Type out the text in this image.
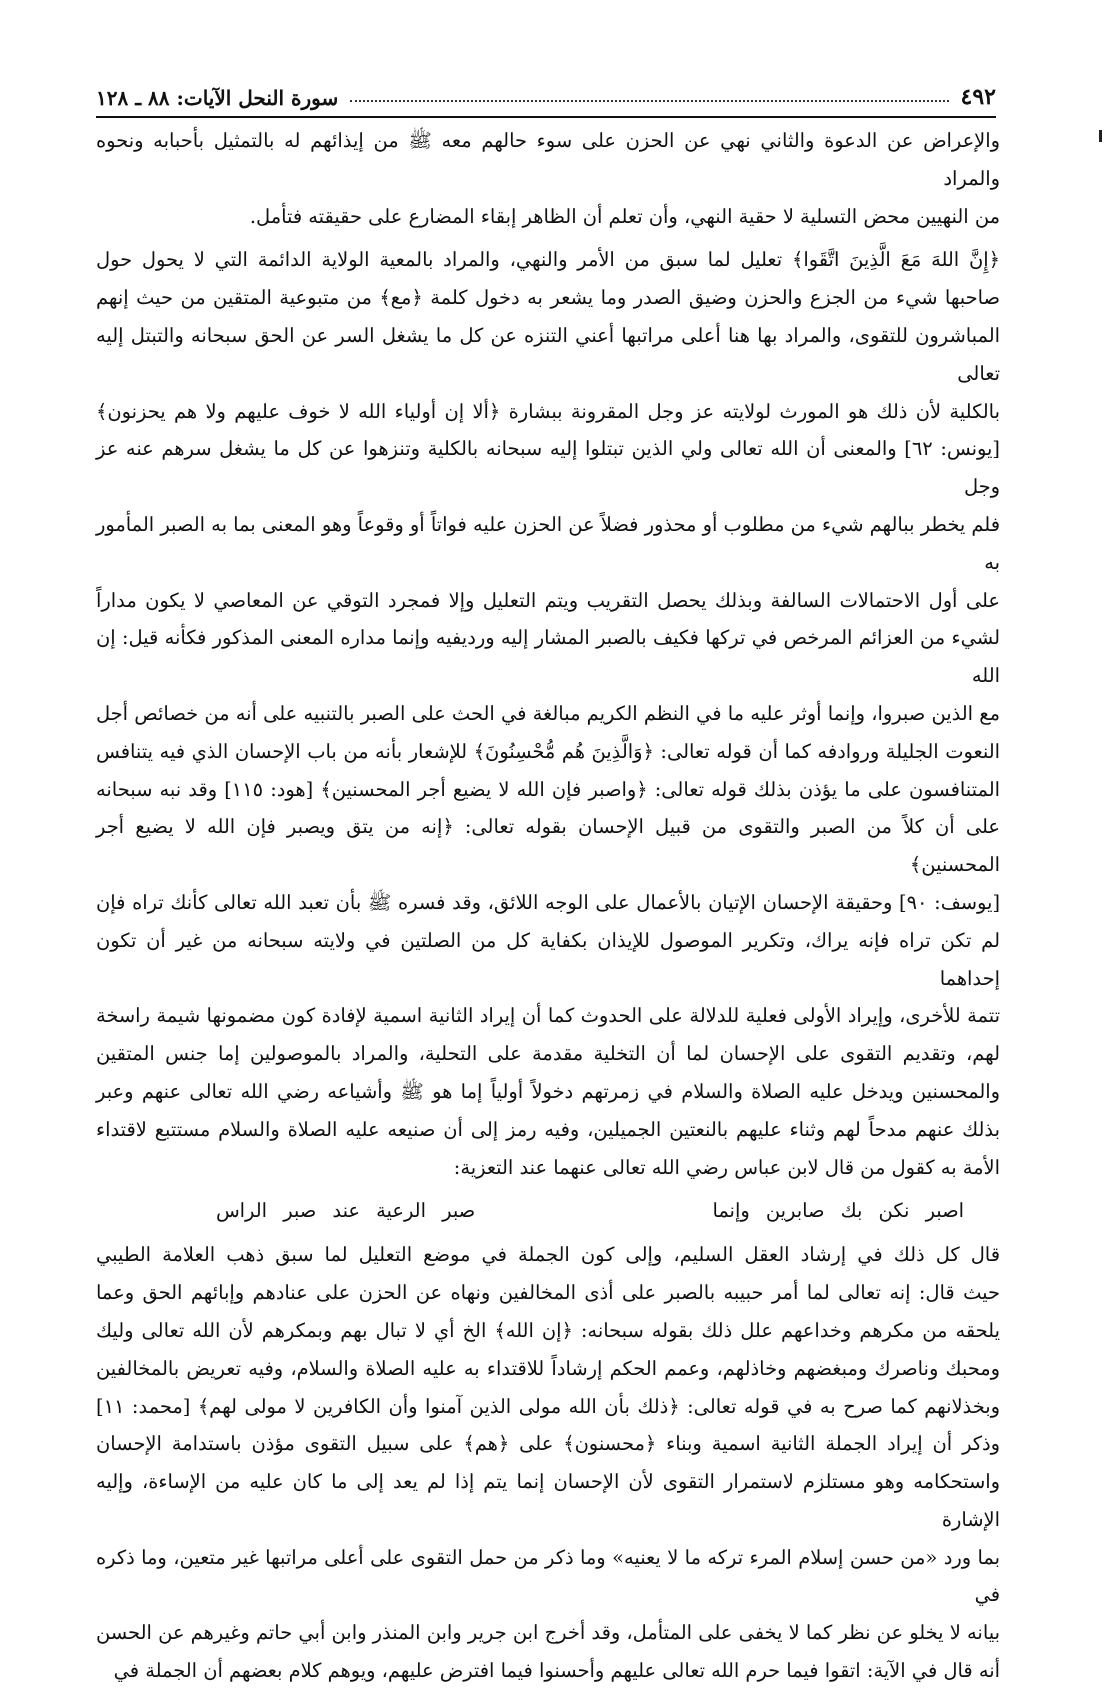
٤٩٢
سورة النحل الآيات: ٨٨ ـ ١٢٨

والإعراض عن الدعوة والثاني نهي عن الحزن على سوء حالهم معه ﷺ من إيذائهم له بالتمثيل بأحبابه ونحوه والمراد

من النهيين محض التسلية لا حقية النهي، وأن تعلم أن الظاهر إبقاء المضارع على حقيقته فتأمل.

﴿إِنَّ اللهَ مَعَ الَّذِينَ اتَّقَوا﴾ تعليل لما سبق من الأمر والنهي، والمراد بالمعية الولاية الدائمة التي لا يحول حول

صاحبها شيء من الجزع والحزن وضيق الصدر وما يشعر به دخول كلمة ﴿مع﴾ من متبوعية المتقين من حيث إنهم

المباشرون للتقوى، والمراد بها هنا أعلى مراتبها أعني التنزه عن كل ما يشغل السر عن الحق سبحانه والتبتل إليه تعالى

بالكلية لأن ذلك هو المورث لولايته عز وجل المقرونة ببشارة ﴿ألا إن أولياء الله لا خوف عليهم ولا هم يحزنون﴾

[يونس: ٦٢] والمعنى أن الله تعالى ولي الذين تبتلوا إليه سبحانه بالكلية وتنزهوا عن كل ما يشغل سرهم عنه عز وجل

فلم يخطر ببالهم شيء من مطلوب أو محذور فضلاً عن الحزن عليه فواتاً أو وقوعاً وهو المعنى بما به الصبر المأمور به

على أول الاحتمالات السالفة وبذلك يحصل التقريب ويتم التعليل وإلا فمجرد التوقي عن المعاصي لا يكون مداراً

لشيء من العزائم المرخص في تركها فكيف بالصبر المشار إليه ورديفيه وإنما مداره المعنى المذكور فكأنه قيل: إن الله

مع الذين صبروا، وإنما أوثر عليه ما في النظم الكريم مبالغة في الحث على الصبر بالتنبيه على أنه من خصائص أجل

النعوت الجليلة وروادفه كما أن قوله تعالى: ﴿وَالَّذِينَ هُم مُّحْسِنُونَ﴾ للإشعار بأنه من باب الإحسان الذي فيه يتنافس

المتنافسون على ما يؤذن بذلك قوله تعالى: ﴿واصبر فإن الله لا يضيع أجر المحسنين﴾ [هود: ١١٥] وقد نبه سبحانه

على أن كلاً من الصبر والتقوى من قبيل الإحسان بقوله تعالى: ﴿إنه من يتق ويصبر فإن الله لا يضيع أجر المحسنين﴾

[يوسف: ٩٠] وحقيقة الإحسان الإتيان بالأعمال على الوجه اللائق، وقد فسره ﷺ بأن تعبد الله تعالى كأنك تراه فإن

لم تكن تراه فإنه يراك، وتكرير الموصول للإيذان بكفاية كل من الصلتين في ولايته سبحانه من غير أن تكون إحداهما

تتمة للأخرى، وإيراد الأولى فعلية للدلالة على الحدوث كما أن إيراد الثانية اسمية لإفادة كون مضمونها شيمة راسخة

لهم، وتقديم التقوى على الإحسان لما أن التخلية مقدمة على التحلية، والمراد بالموصولين إما جنس المتقين

والمحسنين ويدخل عليه الصلاة والسلام في زمرتهم دخولاً أولياً إما هو ﷺ وأشياعه رضي الله تعالى عنهم وعبر

بذلك عنهم مدحاً لهم وثناء عليهم بالنعتين الجميلين، وفيه رمز إلى أن صنيعه عليه الصلاة والسلام مستتبع لاقتداء

الأمة به كقول من قال لابن عباس رضي الله تعالى عنهما عند التعزية:

اصبر نكن بك صابرين وإنما
صبر الرعية عند صبر الراس

قال كل ذلك في إرشاد العقل السليم، وإلى كون الجملة في موضع التعليل لما سبق ذهب العلامة الطيبي

حيث قال: إنه تعالى لما أمر حبيبه بالصبر على أذى المخالفين ونهاه عن الحزن على عنادهم وإبائهم الحق وعما

يلحقه من مكرهم وخداعهم علل ذلك بقوله سبحانه: ﴿إن الله﴾ الخ أي لا تبال بهم وبمكرهم لأن الله تعالى وليك

ومحبك وناصرك ومبغضهم وخاذلهم، وعمم الحكم إرشاداً للاقتداء به عليه الصلاة والسلام، وفيه تعريض بالمخالفين

وبخذلانهم كما صرح به في قوله تعالى: ﴿ذلك بأن الله مولى الذين آمنوا وأن الكافرين لا مولى لهم﴾ [محمد: ١١]

وذكر أن إيراد الجملة الثانية اسمية وبناء ﴿محسنون﴾ على ﴿هم﴾ على سبيل التقوى مؤذن باستدامة الإحسان

واستحكامه وهو مستلزم لاستمرار التقوى لأن الإحسان إنما يتم إذا لم يعد إلى ما كان عليه من الإساءة، وإليه الإشارة

بما ورد «من حسن إسلام المرء تركه ما لا يعنيه» وما ذكر من حمل التقوى على أعلى مراتبها غير متعين، وما ذكره في

بيانه لا يخلو عن نظر كما لا يخفى على المتأمل، وقد أخرج ابن جرير وابن المنذر وابن أبي حاتم وغيرهم عن الحسن

أنه قال في الآية: اتقوا فيما حرم الله تعالى عليهم وأحسنوا فيما افترض عليهم، ويوهم كلام بعضهم أن الجملة في
